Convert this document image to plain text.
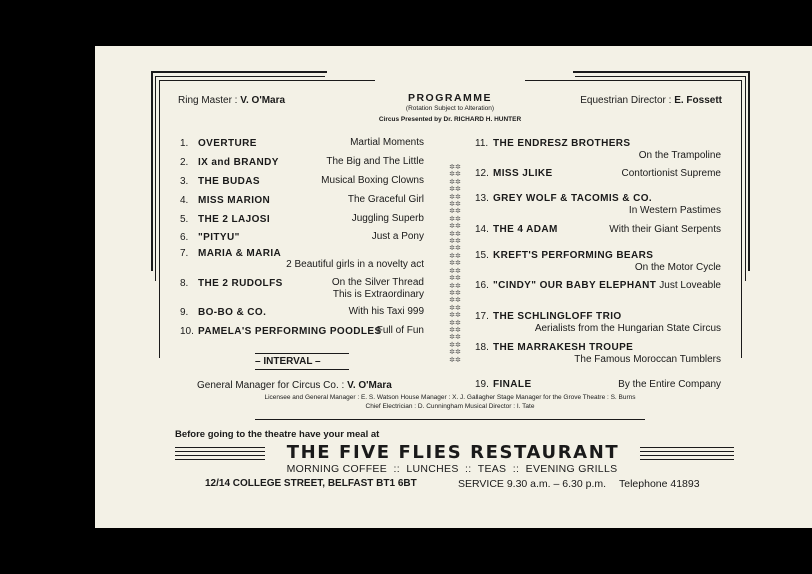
Ring Master : V. O'Mara	PROGRAMME
(Rotation Subject to Alteration)
Circus Presented by Dr. RICHARD H. HUNTER
Equestrian Director : E. Fossett
1. OVERTURE	Martial Moments
2. IX and BRANDY	The Big and The Little
3. THE BUDAS	Musical Boxing Clowns
4. MISS MARION	The Graceful Girl
5. THE 2 LAJOSI	Juggling Superb
6. "PITYU"	Just a Pony
7. MARIA & MARIA
2 Beautiful girls in a novelty act
8. THE 2 RUDOLFS	On the Silver Thread
This is Extraordinary
9. BO-BO & CO.	With his Taxi 999
10. PAMELA'S PERFORMING POODLES
Full of Fun
✲✲
✲✲
✲✲
✲✲
✲✲
✲✲
✲✲
✲✲
✲✲
✲✲
✲✲
✲✲
✲✲
✲✲
✲✲
✲✲
✲✲
✲✲
✲✲
✲✲
✲✲
✲✲
✲✲
✲✲
✲✲
✲✲
✲✲

11. THE ENDRESZ BROTHERS
On the Trampoline
12. MISS JLIKE	Contortionist Supreme
13. GREY WOLF & TACOMIS & CO.
In Western Pastimes
14. THE 4 ADAM	With their Giant Serpents
15. KREFT'S PERFORMING BEARS
On the Motor Cycle
16. "CINDY" OUR BABY ELEPHANT Just Loveable
17. THE SCHLINGLOFF TRIO
Aerialists from the Hungarian State Circus
18. THE MARRAKESH TROUPE
The Famous Moroccan Tumblers
19. FINALE	By the Entire Company
– INTERVAL –
General Manager for Circus Co. : V. O'Mara
Licensee and General Manager : E. S. Watson House Manager : X. J. Gallagher Stage Manager for the Grove Theatre : S. Burns
Chief Electrician : D. Cunningham Musical Director : I. Tate
Before going to the theatre have your meal at
THE FIVE FLIES RESTAURANT
MORNING COFFEE  ::  LUNCHES  ::  TEAS  ::  EVENING GRILLS
12/14 COLLEGE STREET, BELFAST BT1 6BT	SERVICE 9.30 a.m. – 6.30 p.m. Telephone 41893
